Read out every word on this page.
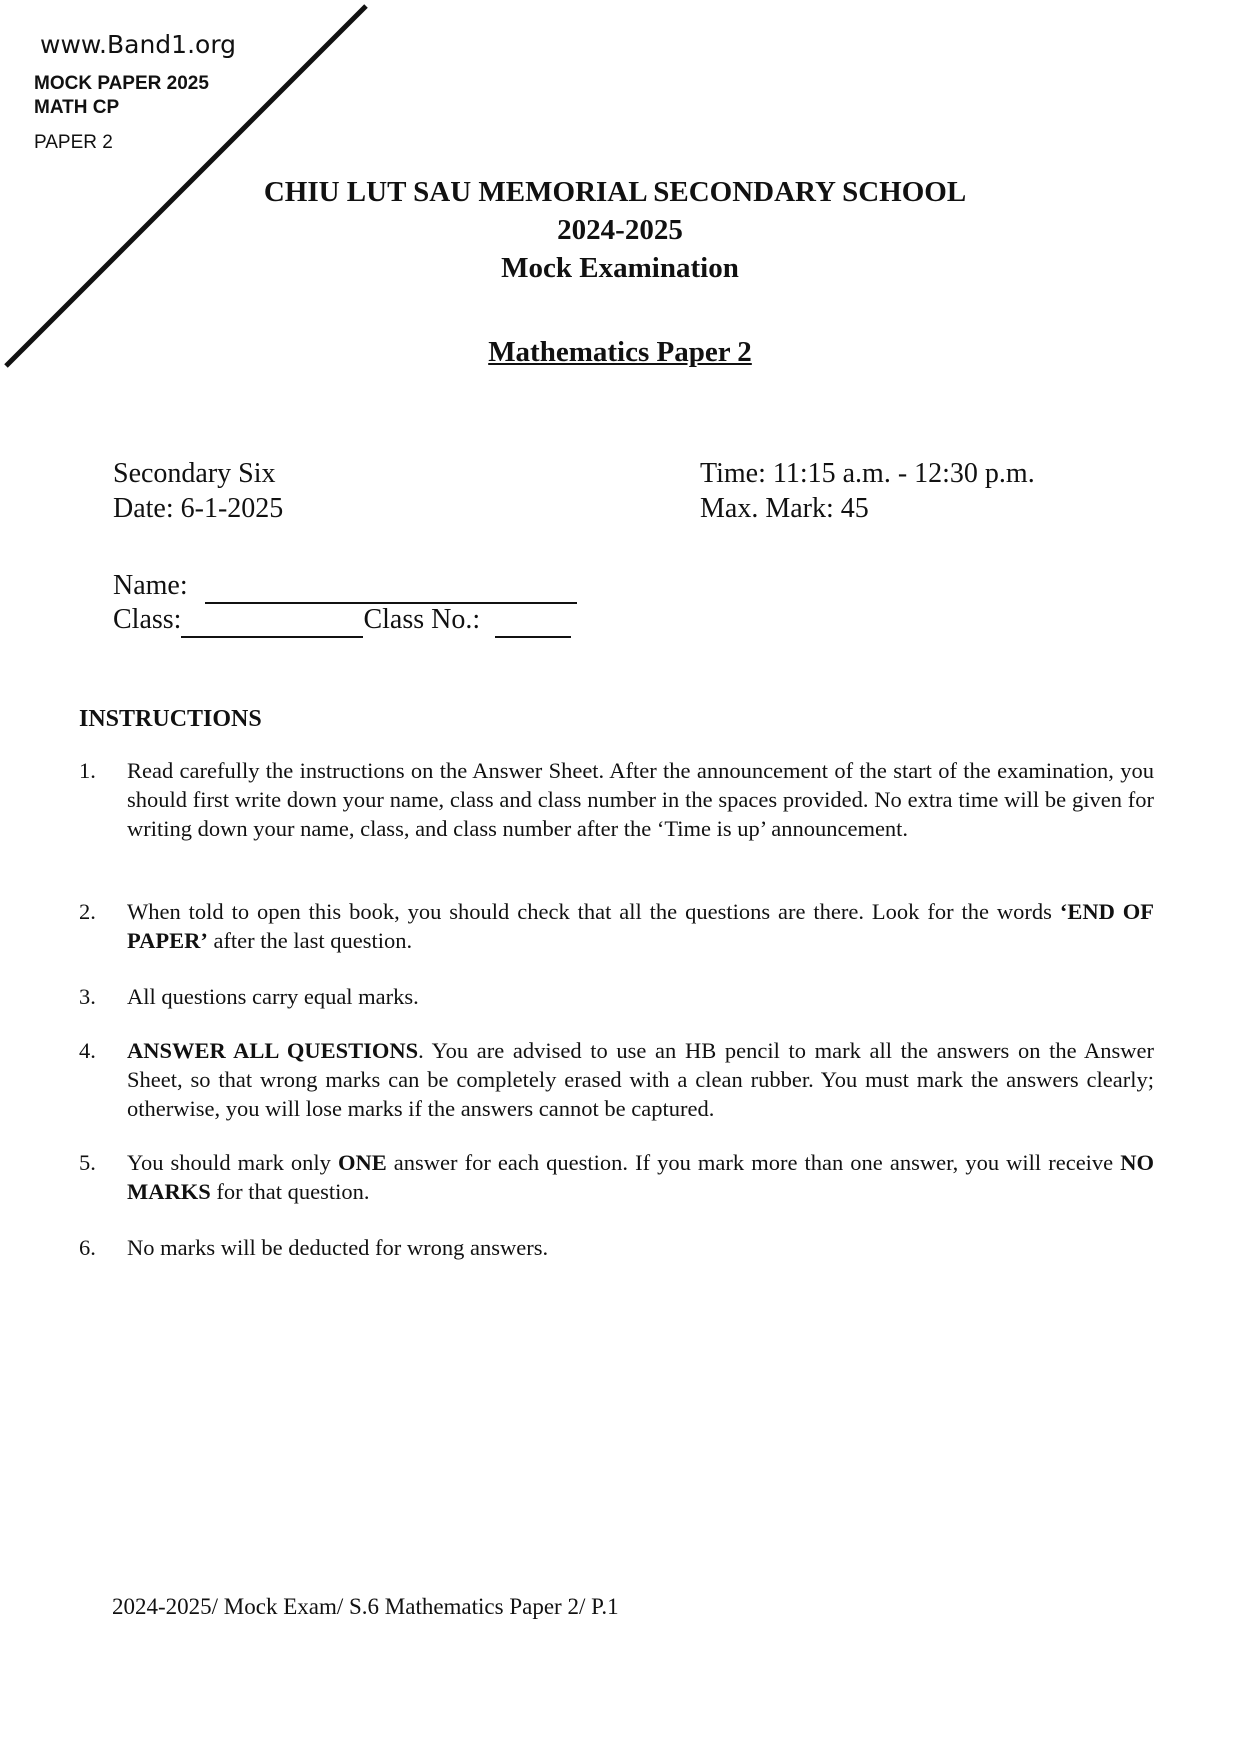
www.Band1.org
MOCK PAPER 2025
MATH CP
PAPER 2
CHIU LUT SAU MEMORIAL SECONDARY SCHOOL
2024-2025
Mock Examination
Mathematics Paper 2
Secondary Six
Date: 6-1-2025
Time: 11:15 a.m. - 12:30 p.m.
Max. Mark: 45
Name:
Class:	Class No.:
INSTRUCTIONS
1. Read carefully the instructions on the Answer Sheet. After the announcement of the start of the examination, you should first write down your name, class and class number in the spaces provided. No extra time will be given for writing down your name, class, and class number after the ‘Time is up’ announcement.
2. When told to open this book, you should check that all the questions are there. Look for the words ‘END OF PAPER’ after the last question.
3. All questions carry equal marks.
4. ANSWER ALL QUESTIONS. You are advised to use an HB pencil to mark all the answers on the Answer Sheet, so that wrong marks can be completely erased with a clean rubber. You must mark the answers clearly; otherwise, you will lose marks if the answers cannot be captured.
5. You should mark only ONE answer for each question. If you mark more than one answer, you will receive NO MARKS for that question.
6. No marks will be deducted for wrong answers.
2024-2025/ Mock Exam/ S.6 Mathematics Paper 2/ P.1
